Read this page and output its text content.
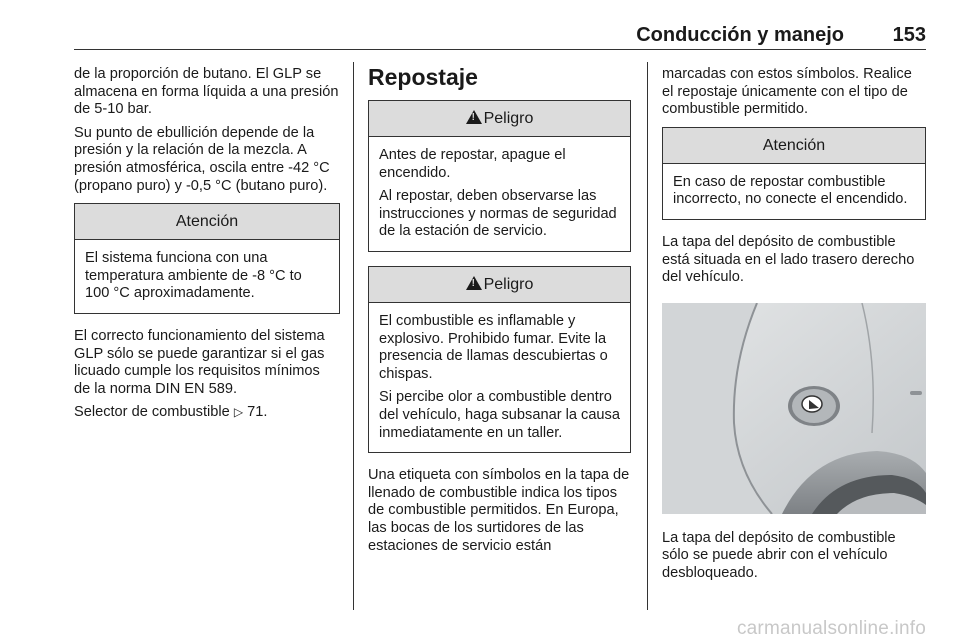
Conducción y manejo 153

de la proporción de butano. El GLP se almacena en forma líquida a una presión de 5-10 bar.

Su punto de ebullición depende de la presión y la relación de la mezcla. A presión atmosférica, oscila entre -42 °C (propano puro) y -0,5 °C (butano puro).

Atención

El sistema funciona con una temperatura ambiente de -8 °C to 100 °C aproximadamente.

El correcto funcionamiento del sistema GLP sólo se puede garantizar si el gas licuado cumple los requisitos mínimos de la norma DIN EN 589.

Selector de combustible ▷ 71.

Repostaje
!Peligro

Antes de repostar, apague el encendido.

Al repostar, deben observarse las instrucciones y normas de seguridad de la estación de servicio.

!Peligro

El combustible es inflamable y explosivo. Prohibido fumar. Evite la presencia de llamas descubiertas o chispas.

Si percibe olor a combustible dentro del vehículo, haga subsanar la causa inmediatamente en un taller.

Una etiqueta con símbolos en la tapa de llenado de combustible indica los tipos de combustible permitidos. En Europa, las bocas de los surtidores de las estaciones de servicio están

marcadas con estos símbolos. Realice el repostaje únicamente con el tipo de combustible permitido.

Atención

En caso de repostar combustible incorrecto, no conecte el encendido.

La tapa del depósito de combustible está situada en el lado trasero derecho del vehículo.

La tapa del depósito de combustible sólo se puede abrir con el vehículo desbloqueado.

carmanualsonline.info
